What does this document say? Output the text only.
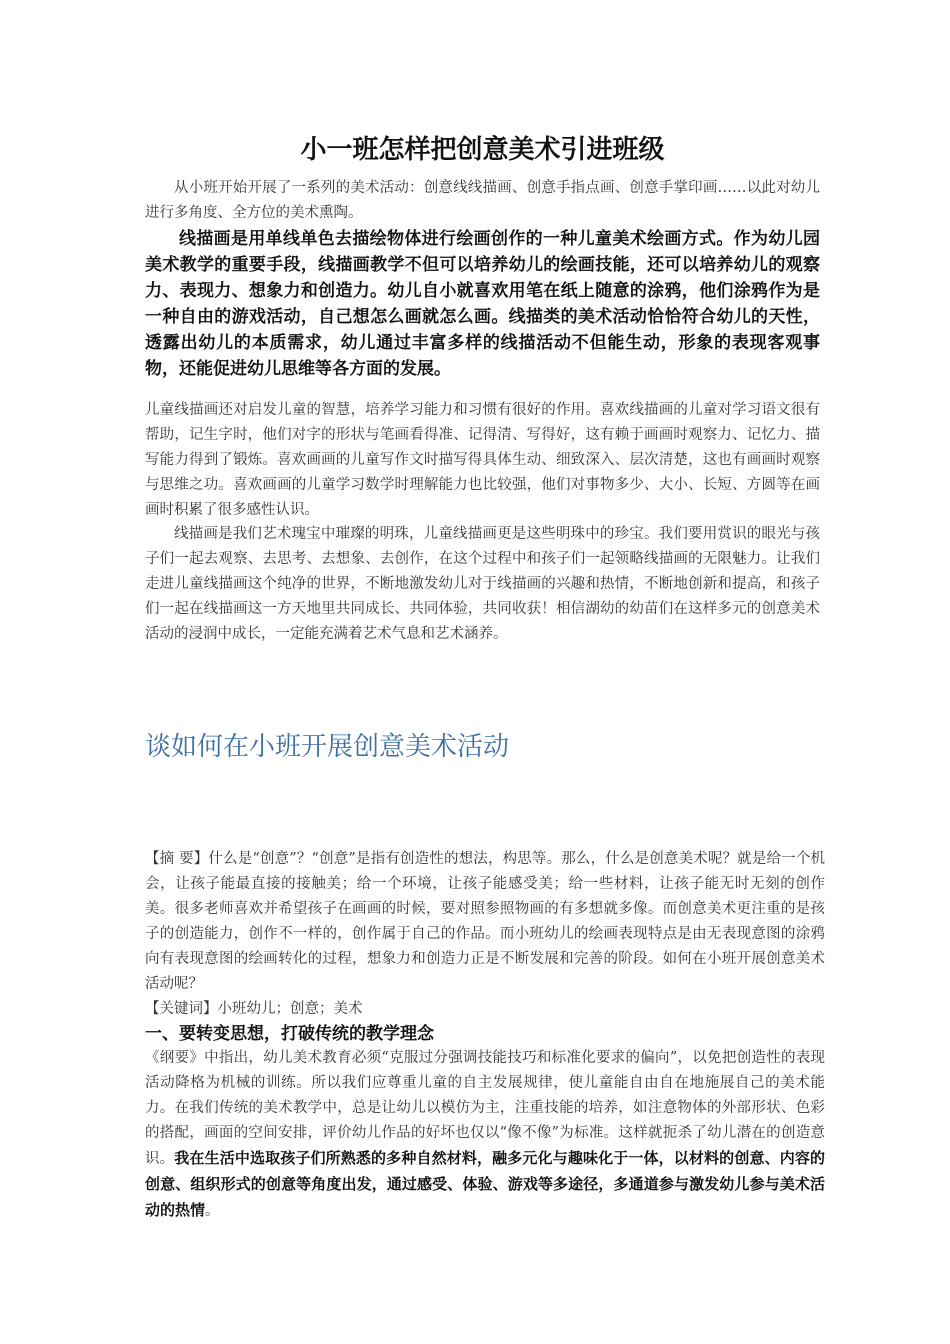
小一班怎样把创意美术引进班级

从小班开始开展了一系列的美术活动：创意线线描画、创意手指点画、创意手掌印画……以此对幼儿进行多角度、全方位的美术熏陶。

线描画是用单线单色去描绘物体进行绘画创作的一种儿童美术绘画方式。作为幼儿园美术教学的重要手段，线描画教学不但可以培养幼儿的绘画技能，还可以培养幼儿的观察力、表现力、想象力和创造力。幼儿自小就喜欢用笔在纸上随意的涂鸦，他们涂鸦作为是一种自由的游戏活动，自己想怎么画就怎么画。线描类的美术活动恰恰符合幼儿的天性，透露出幼儿的本质需求，幼儿通过丰富多样的线描活动不但能生动，形象的表现客观事物，还能促进幼儿思维等各方面的发展。

儿童线描画还对启发儿童的智慧，培养学习能力和习惯有很好的作用。喜欢线描画的儿童对学习语文很有帮助，记生字时，他们对字的形状与笔画看得准、记得清、写得好，这有赖于画画时观察力、记忆力、描写能力得到了锻炼。喜欢画画的儿童写作文时描写得具体生动、细致深入、层次清楚，这也有画画时观察与思维之功。喜欢画画的儿童学习数学时理解能力也比较强，他们对事物多少、大小、长短、方圆等在画画时积累了很多感性认识。

线描画是我们艺术瑰宝中璀璨的明珠，儿童线描画更是这些明珠中的珍宝。我们要用赏识的眼光与孩子们一起去观察、去思考、去想象、去创作，在这个过程中和孩子们一起领略线描画的无限魅力。让我们走进儿童线描画这个纯净的世界，不断地激发幼儿对于线描画的兴趣和热情，不断地创新和提高，和孩子们一起在线描画这一方天地里共同成长、共同体验，共同收获！相信湖幼的幼苗们在这样多元的创意美术活动的浸润中成长，一定能充满着艺术气息和艺术涵养。

谈如何在小班开展创意美术活动

【摘 要】什么是“创意”？“创意”是指有创造性的想法，构思等。那么，什么是创意美术呢？就是给一个机会，让孩子能最直接的接触美；给一个环境，让孩子能感受美；给一些材料，让孩子能无时无刻的创作美。很多老师喜欢并希望孩子在画画的时候，要对照参照物画的有多想就多像。而创意美术更注重的是孩子的创造能力，创作不一样的，创作属于自己的作品。而小班幼儿的绘画表现特点是由无表现意图的涂鸦向有表现意图的绘画转化的过程，想象力和创造力正是不断发展和完善的阶段。如何在小班开展创意美术活动呢？

【关键词】小班幼儿；创意；美术

一、要转变思想，打破传统的教学理念

《纲要》中指出，幼儿美术教育必须“克服过分强调技能技巧和标准化要求的偏向”，以免把创造性的表现活动降格为机械的训练。所以我们应尊重儿童的自主发展规律，使儿童能自由自在地施展自己的美术能力。在我们传统的美术教学中，总是让幼儿以模仿为主，注重技能的培养，如注意物体的外部形状、色彩的搭配，画面的空间安排，评价幼儿作品的好坏也仅以“像不像”为标准。这样就扼杀了幼儿潜在的创造意识。我在生活中选取孩子们所熟悉的多种自然材料，融多元化与趣味化于一体，以材料的创意、内容的创意、组织形式的创意等角度出发，通过感受、体验、游戏等多途径，多通道参与激发幼儿参与美术活动的热情。
